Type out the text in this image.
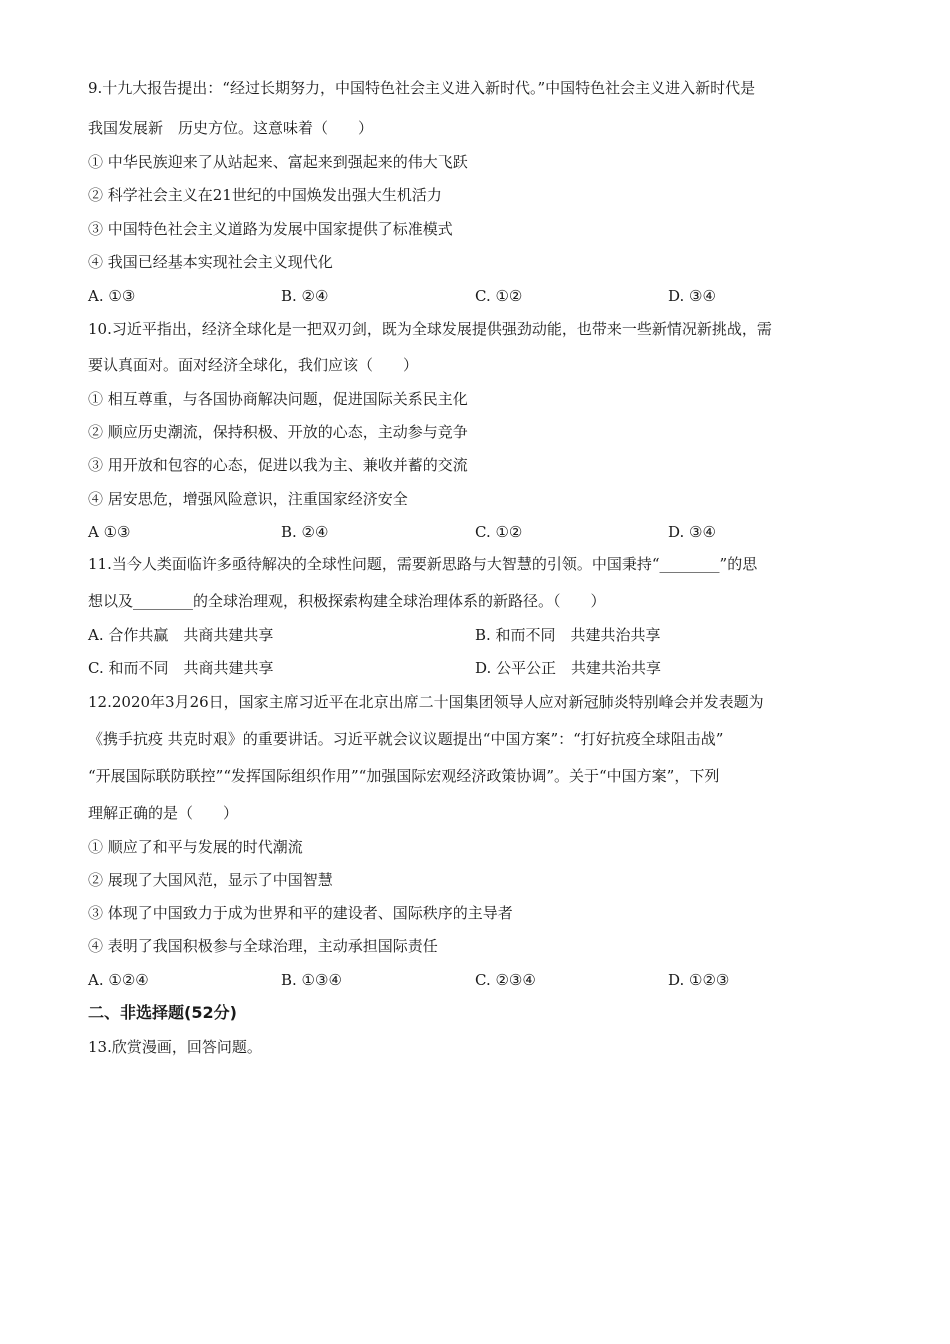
9.十九大报告提出：“经过长期努力，中国特色社会主义进入新时代。”中国特色社会主义进入新时代是
我国发展新　历史方位。这意味着（　　）
① 中华民族迎来了从站起来、富起来到强起来的伟大飞跃
② 科学社会主义在21世纪的中国焕发出强大生机活力
③ 中国特色社会主义道路为发展中国家提供了标准模式
④ 我国已经基本实现社会主义现代化
A. ①③	B. ②④	C. ①②	D. ③④
10.习近平指出，经济全球化是一把双刃剑，既为全球发展提供强劲动能，也带来一些新情况新挑战，需
要认真面对。面对经济全球化，我们应该（　　）
① 相互尊重，与各国协商解决问题，促进国际关系民主化
② 顺应历史潮流，保持积极、开放的心态，主动参与竞争
③ 用开放和包容的心态，促进以我为主、兼收并蓄的交流
④ 居安思危，增强风险意识，注重国家经济安全
A ①③	B. ②④	C. ①②	D. ③④
11.当今人类面临许多亟待解决的全球性问题，需要新思路与大智慧的引领。中国秉持“________”的思
想以及________的全球治理观，积极探索构建全球治理体系的新路径。（　　）
A. 合作共赢　共商共建共享	B. 和而不同　共建共治共享
C. 和而不同　共商共建共享	D. 公平公正　共建共治共享
12.2020年3月26日，国家主席习近平在北京出席二十国集团领导人应对新冠肺炎特别峰会并发表题为
《携手抗疫 共克时艰》的重要讲话。习近平就会议议题提出“中国方案”：“打好抗疫全球阻击战”
“开展国际联防联控”“发挥国际组织作用”“加强国际宏观经济政策协调”。关于“中国方案”，下列
理解正确的是（　　）
① 顺应了和平与发展的时代潮流
② 展现了大国风范，显示了中国智慧
③ 体现了中国致力于成为世界和平的建设者、国际秩序的主导者
④ 表明了我国积极参与全球治理，主动承担国际责任
A. ①②④	B. ①③④	C. ②③④	D. ①②③
二、非选择题(52分)
13.欣赏漫画，回答问题。
